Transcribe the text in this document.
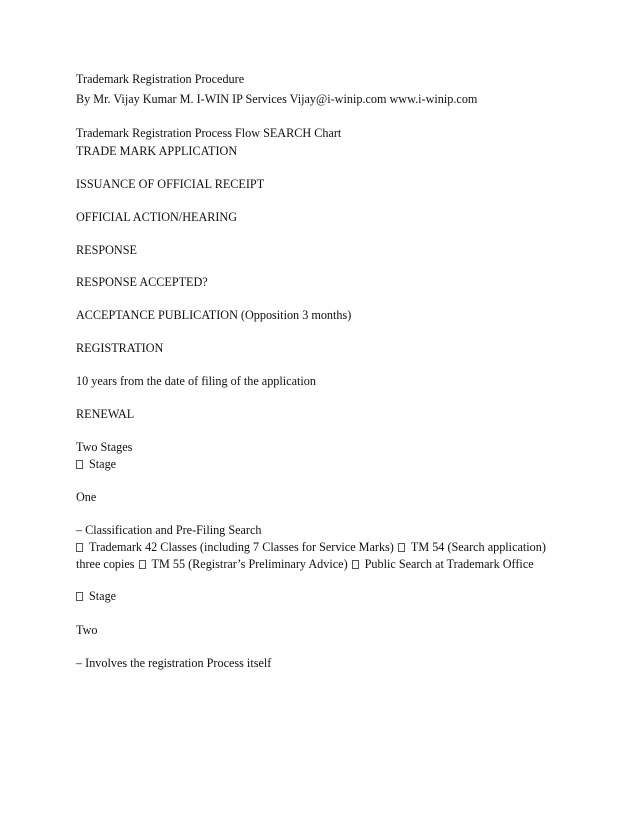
Trademark Registration Procedure

By Mr. Vijay Kumar M. I-WIN IP Services Vijay@i-winip.com www.i-winip.com

Trademark Registration Process Flow SEARCH Chart

TRADE MARK APPLICATION

ISSUANCE OF OFFICIAL RECEIPT

OFFICIAL ACTION/HEARING

RESPONSE

RESPONSE ACCEPTED?

ACCEPTANCE PUBLICATION (Opposition 3 months)

REGISTRATION

10 years from the date of filing of the application

RENEWAL

Two Stages

Stage

One

– Classification and Pre-Filing Search

Trademark 42 Classes (including 7 Classes for Service Marks) TM 54 (Search application)

three copies TM 55 (Registrar’s Preliminary Advice) Public Search at Trademark Office

Stage

Two

– Involves the registration Process itself
